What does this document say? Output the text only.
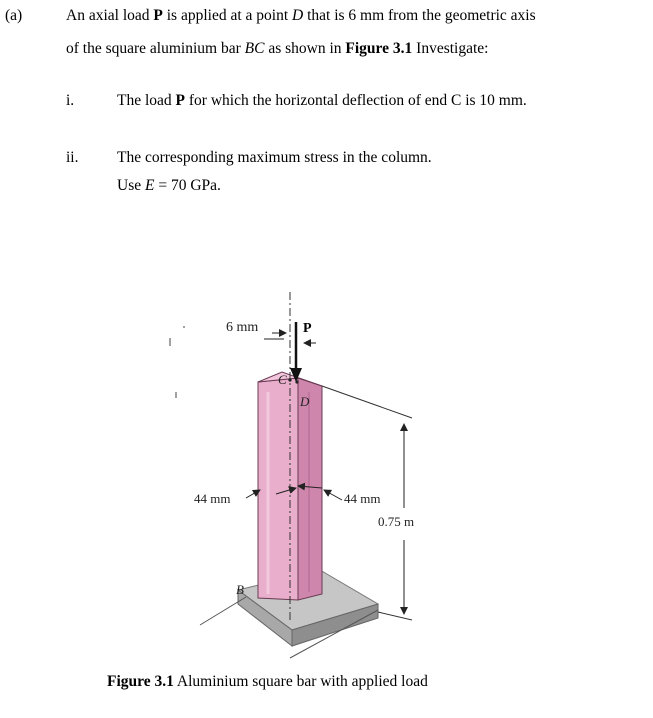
(a)	An axial load P is applied at a point D that is 6 mm from the geometric axis
of the square aluminium bar BC as shown in Figure 3.1 Investigate:
i.	The load P for which the horizontal deflection of end C is 10 mm.
ii. The corresponding maximum stress in the column.
Use E = 70 GPa.
6 mm	P
C
D
44 mm	44 mm
0.75 m
B
Figure 3.1 Aluminium square bar with applied load
